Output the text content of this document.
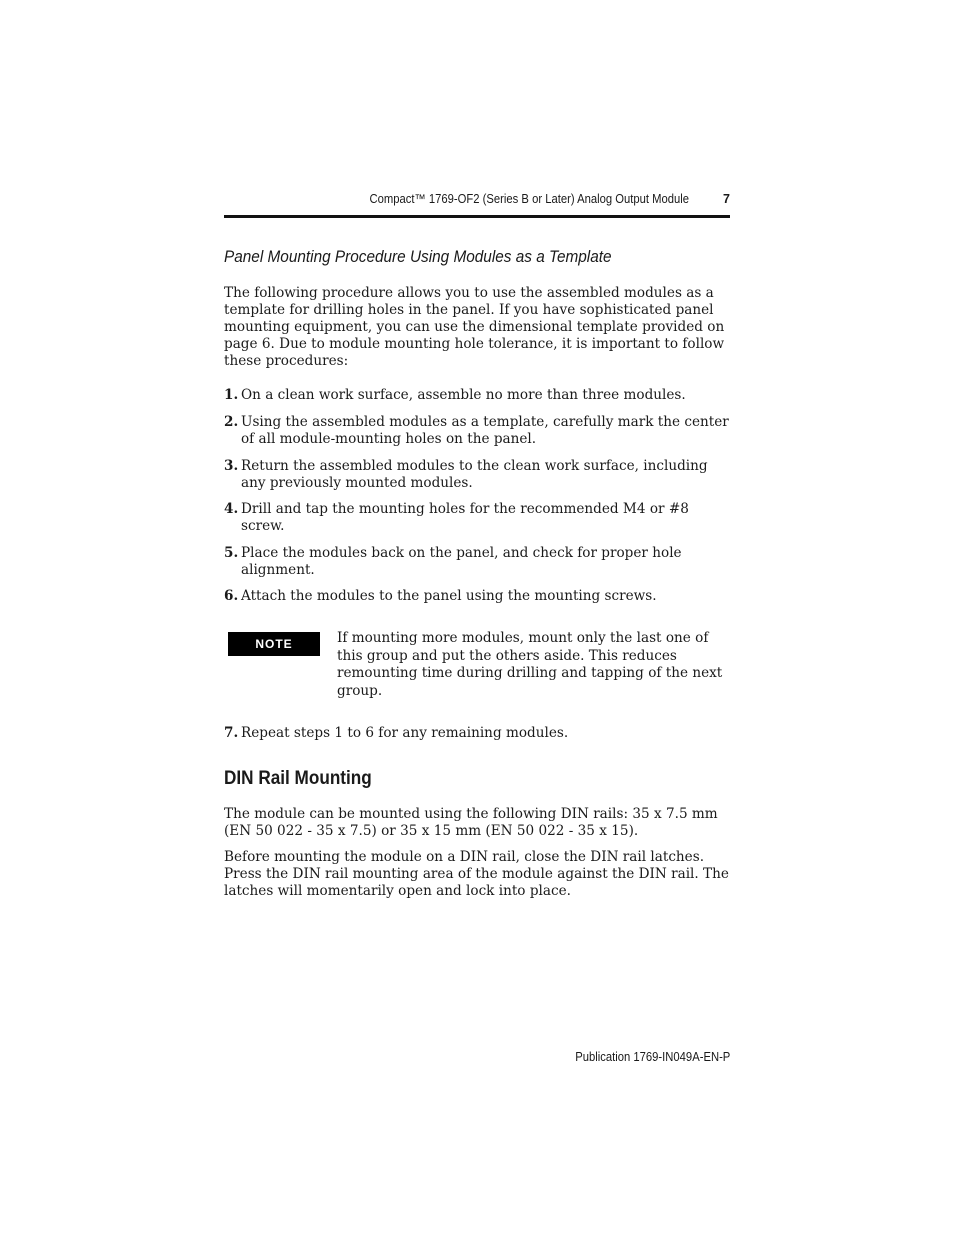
Compact™ 1769-OF2 (Series B or Later) Analog Output Module	7
Panel Mounting Procedure Using Modules as a Template

The following procedure allows you to use the assembled modules as a template for drilling holes in the panel. If you have sophisticated panel mounting equipment, you can use the dimensional template provided on page 6. Due to module mounting hole tolerance, it is important to follow these procedures:

1. On a clean work surface, assemble no more than three modules.
2. Using the assembled modules as a template, carefully mark the center of all module-mounting holes on the panel.
3. Return the assembled modules to the clean work surface, including any previously mounted modules.
4. Drill and tap the mounting holes for the recommended M4 or #8 screw.
5. Place the modules back on the panel, and check for proper hole alignment.
6. Attach the modules to the panel using the mounting screws.
NOTE	If mounting more modules, mount only the last one of this group and put the others aside. This reduces remounting time during drilling and tapping of the next group.
7. Repeat steps 1 to 6 for any remaining modules.
DIN Rail Mounting

The module can be mounted using the following DIN rails: 35 x 7.5 mm (EN 50 022 - 35 x 7.5) or 35 x 15 mm (EN 50 022 - 35 x 15).

Before mounting the module on a DIN rail, close the DIN rail latches. Press the DIN rail mounting area of the module against the DIN rail. The latches will momentarily open and lock into place.

Publication 1769-IN049A-EN-P
